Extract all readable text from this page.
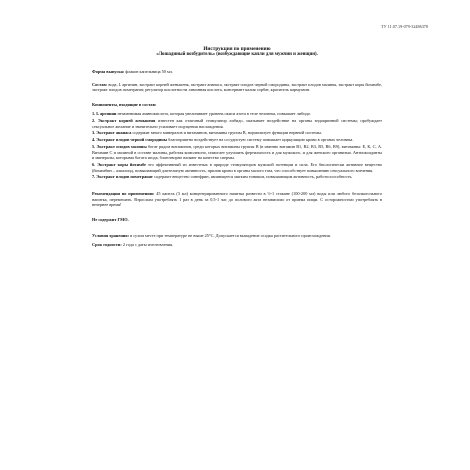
ТУ 11.07.19-079-32486378
Инструкция по применению
«Лошадиный возбудитель» (возбуждающие капли для мужчин и женщин).

Форма выпуска: флакон капельница 50 мл.

Состав: вода, L аргинин, экстракт корней женьшеня, экстракт ананаса, экстракт плодов черной смородины, экстракт плодов малины, экстракт коры йохимбе, экстракт плодов помегранат, регулятор кислотности лимонная кислота, консервант калия сорбат, краситель кармуазин.

Компоненты, входящие в состав:

1. L аргинин незаменимая аминокислота, которая увеличивает уровень окиси азота в теле человека, повышает либидо.
2. Экстракт корней женьшеня известен как отличный стимулятор либидо, оказывает воздействие на органы эндокринной системы; пробуждает сексуальное желание и значительно усиливает ощущения наслаждения.
3. Экстракт ананаса содержит много минералов и витаминов, витамины группы В, нормализует функции нервной системы.
4. Экстракт плодов черной смородины благоприятно воздействует на сосудистую систему повышает циркуляцию крови в органах человека.
5. Экстракт плодов малины богат рядом витаминов, среди которых витамины группы В (в именно витамин В1, В2, В3, В5, В6, В9), витамины: Е, К, С, А. Витамин С и малиной в составе малины, работая комплексно, помогает улучшить фертильность и для мужского, и для женского организма. Антиоксиданты и минералы, которыми богата ягода, благотворно влияют на качество спермы.
6. Экстракт коры йохимбе это эффективный из известных в природе стимуляторов мужской потенции и сила. Его биологически активное вещество (йохимбин – алкалоид, повышающий длительную активность, прилив крови в органы малого таза, что способствует повышению сексуального влечения.
7. Экстракт плодов помегранат содержит вещество синефрин, являющееся мягким тоником, повышающим активность, работоспособность.

Рекомендации по применению: 45 капель (3 мл) концентрированного напитка развести в ½-1 стакане (100-200 мл) воды или любого безалкогольного напитка, перемешать. Взрослым употреблять 1 раз в день за 0,5-1 час до полового акта независимо от приема пищи. С осторожностью употреблять в вечернее время!

Не содержит ГМО.

Условия хранения: в сухом месте при температуре не выше 25°С. Допускается выпадение осадка растительного происхождения.

Срок годности: 2 года с даты изготовления.
